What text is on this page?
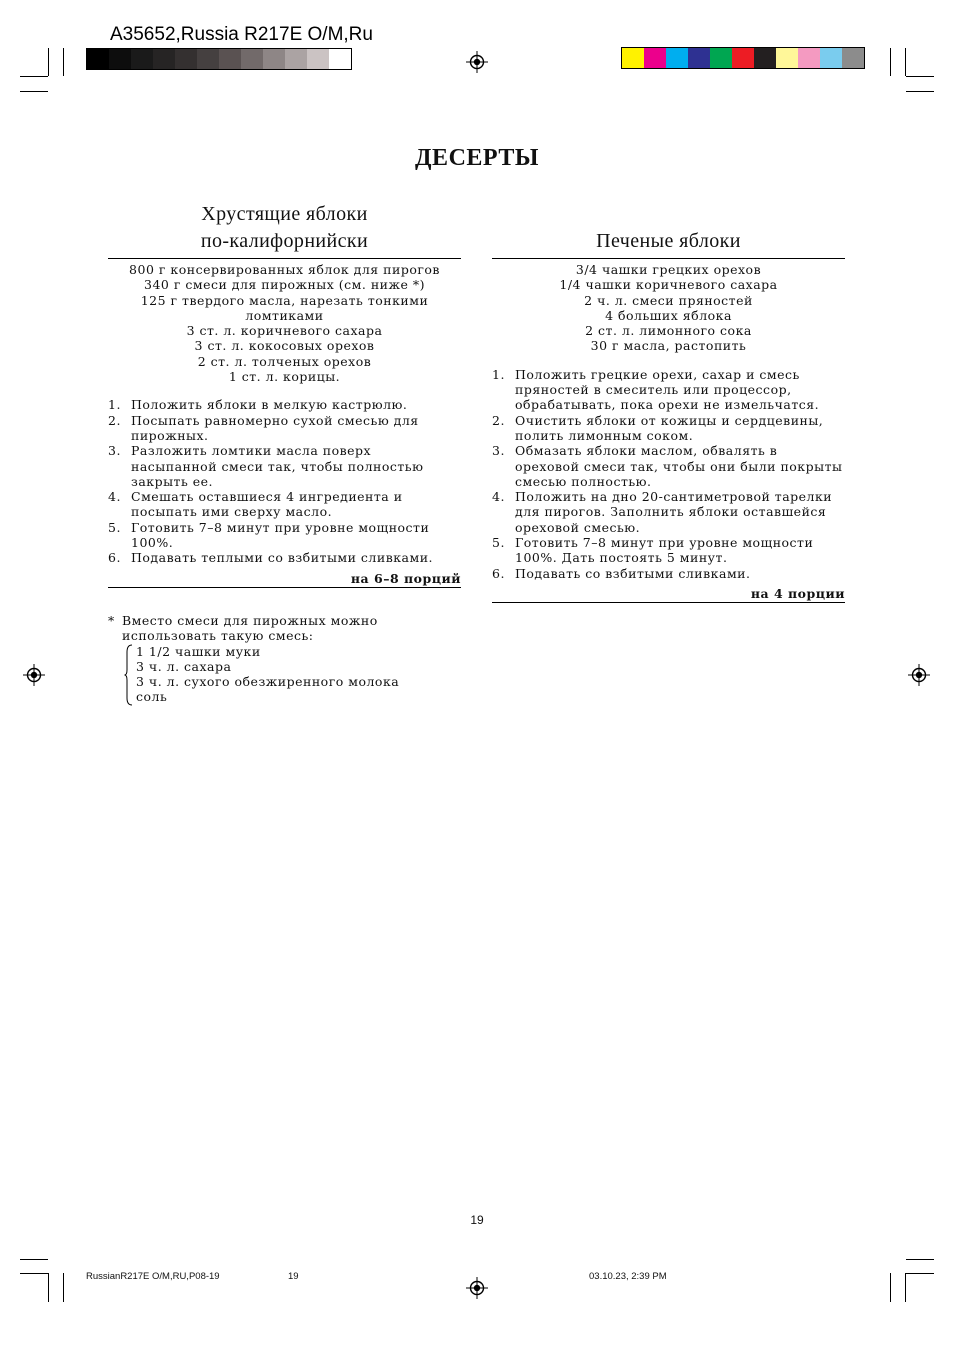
A35652,Russia R217E O/M,Ru
ДЕСЕРТЫ
Хрустящие яблоки
по-калифорнийски
800 г консервированных яблок для пирогов
340 г смеси для пирожных (см. ниже *)
125 г твердого масла, нарезать тонкими
ломтиками
3 ст. л. коричневого сахара
3 ст. л. кокосовых орехов
2 ст. л. толченых орехов
1 ст. л. корицы.
1. Положить яблоки в мелкую кастрюлю.
2. Посыпать равномерно сухой смесью для пирожных.
3. Разложить ломтики масла поверх насыпанной смеси так, чтобы полностью закрыть ее.
4. Смешать оставшиеся 4 ингредиента и посыпать ими сверху масло.
5. Готовить 7–8 минут при уровне мощности 100%.
6. Подавать теплыми со взбитыми сливками.
на 6–8 порций
* Вместо смеси для пирожных можно использовать такую смесь:
1 1/2 чашки муки
3 ч. л. сахара
3 ч. л. сухого обезжиренного молока
соль
Печеные яблоки
3/4 чашки грецких орехов
1/4 чашки коричневого сахара
2 ч. л. смеси пряностей
4 больших яблока
2 ст. л. лимонного сока
30 г масла, растопить
1. Положить грецкие орехи, сахар и смесь пряностей в смеситель или процессор, обрабатывать, пока орехи не измельчатся.
2. Очистить яблоки от кожицы и сердцевины, полить лимонным соком.
3. Обмазать яблоки маслом, обвалять в ореховой смеси так, чтобы они были покрыты смесью полностью.
4. Положить на дно 20-сантиметровой тарелки для пирогов. Заполнить яблоки оставшейся ореховой смесью.
5. Готовить 7–8 минут при уровне мощности 100%. Дать постоять 5 минут.
6. Подавать со взбитыми сливками.
на 4 порции
19
RussianR217E O/M,RU,P08-19	19	03.10.23, 2:39 PM
